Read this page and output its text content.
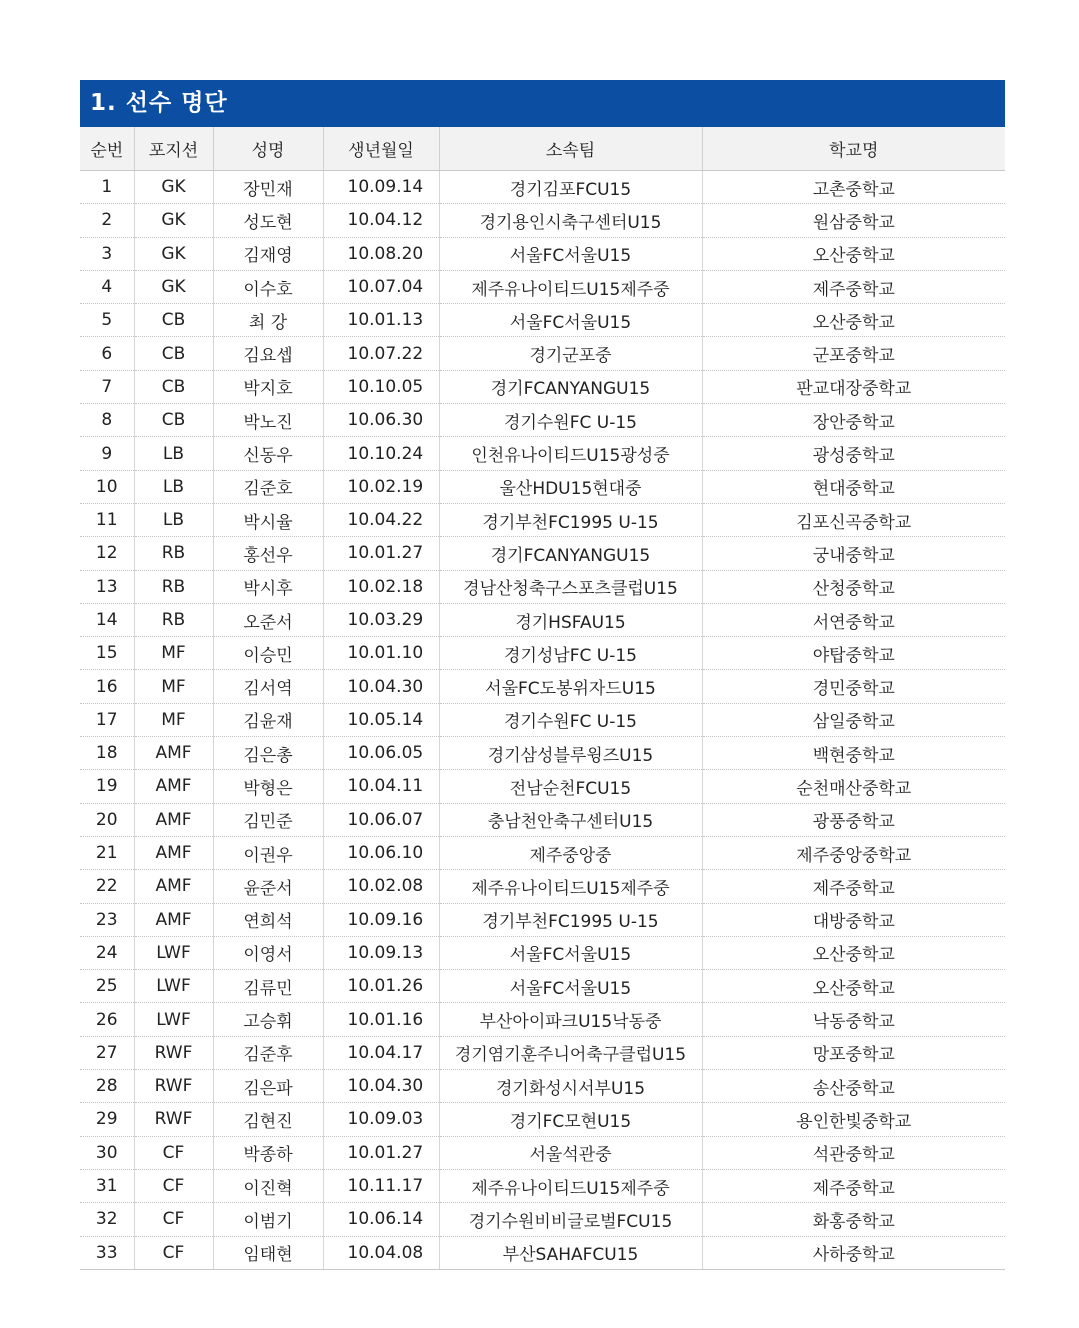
1. 선수 명단
순번	포지션	성명	생년월일	소속팀	학교명
1	GK	장민재	10.09.14	경기김포FCU15	고촌중학교
2	GK	성도현	10.04.12	경기용인시축구센터U15	원삼중학교
3	GK	김재영	10.08.20	서울FC서울U15	오산중학교
4	GK	이수호	10.07.04	제주유나이티드U15제주중	제주중학교
5	CB	최 강	10.01.13	서울FC서울U15	오산중학교
6	CB	김요셉	10.07.22	경기군포중	군포중학교
7	CB	박지호	10.10.05	경기FCANYANGU15	판교대장중학교
8	CB	박노진	10.06.30	경기수원FC U-15	장안중학교
9	LB	신동우	10.10.24	인천유나이티드U15광성중	광성중학교
10	LB	김준호	10.02.19	울산HDU15현대중	현대중학교
11	LB	박시율	10.04.22	경기부천FC1995 U-15	김포신곡중학교
12	RB	홍선우	10.01.27	경기FCANYANGU15	궁내중학교
13	RB	박시후	10.02.18	경남산청축구스포츠클럽U15	산청중학교
14	RB	오준서	10.03.29	경기HSFAU15	서연중학교
15	MF	이승민	10.01.10	경기성남FC U-15	야탑중학교
16	MF	김서역	10.04.30	서울FC도봉위자드U15	경민중학교
17	MF	김윤재	10.05.14	경기수원FC U-15	삼일중학교
18	AMF	김은총	10.06.05	경기삼성블루윙즈U15	백현중학교
19	AMF	박형은	10.04.11	전남순천FCU15	순천매산중학교
20	AMF	김민준	10.06.07	충남천안축구센터U15	광풍중학교
21	AMF	이권우	10.06.10	제주중앙중	제주중앙중학교
22	AMF	윤준서	10.02.08	제주유나이티드U15제주중	제주중학교
23	AMF	연희석	10.09.16	경기부천FC1995 U-15	대방중학교
24	LWF	이영서	10.09.13	서울FC서울U15	오산중학교
25	LWF	김류민	10.01.26	서울FC서울U15	오산중학교
26	LWF	고승휘	10.01.16	부산아이파크U15낙동중	낙동중학교
27	RWF	김준후	10.04.17	경기염기훈주니어축구클럽U15	망포중학교
28	RWF	김은파	10.04.30	경기화성시서부U15	송산중학교
29	RWF	김현진	10.09.03	경기FC모현U15	용인한빛중학교
30	CF	박종하	10.01.27	서울석관중	석관중학교
31	CF	이진혁	10.11.17	제주유나이티드U15제주중	제주중학교
32	CF	이범기	10.06.14	경기수원비비글로벌FCU15	화홍중학교
33	CF	임태현	10.04.08	부산SAHAFCU15	사하중학교
